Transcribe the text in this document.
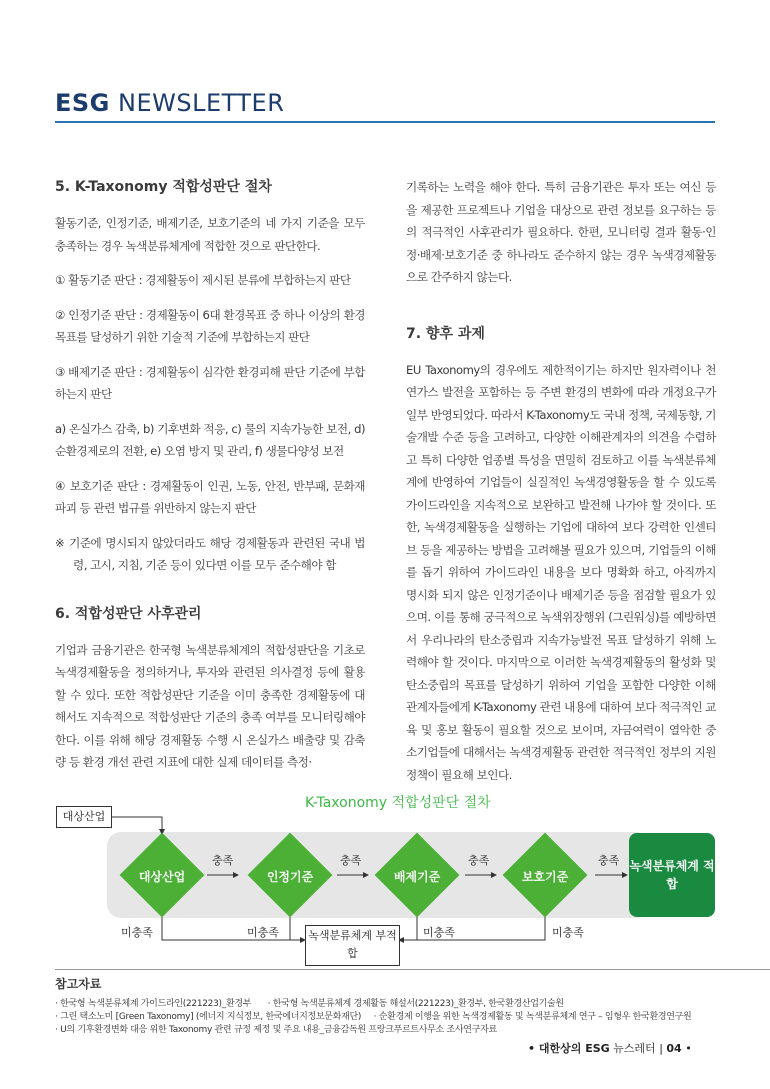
ESG NEWSLETTER
5. K-Taxonomy 적합성판단 절차

활동기준, 인정기준, 배제기준, 보호기준의 네 가지 기준을 모두 충족하는 경우 녹색분류체계에 적합한 것으로 판단한다.

① 활동기준 판단 : 경제활동이 제시된 분류에 부합하는지 판단

② 인정기준 판단 : 경제활동이 6대 환경목표 중 하나 이상의 환경목표를 달성하기 위한 기술적 기준에 부합하는지 판단

③ 배제기준 판단 : 경제활동이 심각한 환경피해 판단 기준에 부합하는지 판단

a) 온실가스 감축, b) 기후변화 적응, c) 물의 지속가능한 보전, d) 순환경제로의 전환, e) 오염 방지 및 관리, f) 생물다양성 보전

④ 보호기준 판단 : 경제활동이 인권, 노동, 안전, 반부패, 문화재 파괴 등 관련 법규를 위반하지 않는지 판단

※ 기준에 명시되지 않았더라도 해당 경제활동과 관련된 국내 법령, 고시, 지침, 기준 등이 있다면 이를 모두 준수해야 함

6. 적합성판단 사후관리

기업과 금융기관은 한국형 녹색분류체계의 적합성판단을 기초로 녹색경제활동을 정의하거나, 투자와 관련된 의사결정 등에 활용할 수 있다. 또한 적합성판단 기준을 이미 충족한 경제활동에 대해서도 지속적으로 적합성판단 기준의 충족 여부를 모니터링해야 한다. 이를 위해 해당 경제활동 수행 시 온실가스 배출량 및 감축량 등 환경 개선 관련 지표에 대한 실제 데이터를 측정·

기록하는 노력을 해야 한다. 특히 금융기관은 투자 또는 여신 등을 제공한 프로젝트나 기업을 대상으로 관련 정보를 요구하는 등의 적극적인 사후관리가 필요하다. 한편, 모니터링 결과 활동·인정·배제·보호기준 중 하나라도 준수하지 않는 경우 녹색경제활동으로 간주하지 않는다.

7. 향후 과제

EU Taxonomy의 경우에도 제한적이기는 하지만 원자력이나 천연가스 발전을 포함하는 등 주변 환경의 변화에 따라 개정요구가 일부 반영되었다. 따라서 K-Taxonomy도 국내 정책, 국제동향, 기술개발 수준 등을 고려하고, 다양한 이해관계자의 의견을 수렴하고 특히 다양한 업종별 특성을 면밀히 검토하고 이를 녹색분류체계에 반영하여 기업들이 실질적인 녹색경영활동을 할 수 있도록 가이드라인을 지속적으로 보완하고 발전해 나가야 할 것이다. 또한, 녹색경제활동을 실행하는 기업에 대하여 보다 강력한 인센티브 등을 제공하는 방법을 고려해볼 필요가 있으며, 기업들의 이해를 돕기 위하여 가이드라인 내용을 보다 명확화 하고, 아직까지 명시화 되지 않은 인정기준이나 배제기준 등을 점검할 필요가 있으며. 이를 통해 궁극적으로 녹색위장행위 (그린워싱)를 예방하면서 우리나라의 탄소중립과 지속가능발전 목표 달성하기 위해 노력해야 할 것이다. 마지막으로 이러한 녹색경제활동의 활성화 및 탄소중립의 목표를 달성하기 위하여 기업을 포함한 다양한 이해관계자들에게 K-Taxonomy 관련 내용에 대하여 보다 적극적인 교육 및 홍보 활동이 필요할 것으로 보이며, 자금여력이 열악한 중소기업들에 대해서는 녹색경제활동 관련한 적극적인 정부의 지원 정책이 필요해 보인다.

K-Taxonomy 적합성판단 절차
대상산업
대상산업	인정기준	배제기준	보호기준
충족	충족	충족	충족 녹색분류체계 적합
미충족	미충족	미충족	미충족
녹색분류체계 부적합
참고자료
· 한국형 녹색분류체계 가이드라인(221223)_환경부 · 한국형 녹색분류체계 경제활동 해설서(221223)_환경부, 한국환경산업기술원
· 그린 택소노미 [Green Taxonomy] (에너지 지식정보, 한국에너지정보문화재단) · 순환경제 이행을 위한 녹색경제활동 및 녹색분류체계 연구 – 임형우 한국환경연구원
· U의 기후환경변화 대응 위한 Taxonomy 관련 규정 제정 및 주요 내용_금융감독원 프랑크푸르트사무소 조사연구자료
• 대한상의 ESG 뉴스레터 | 04 •
